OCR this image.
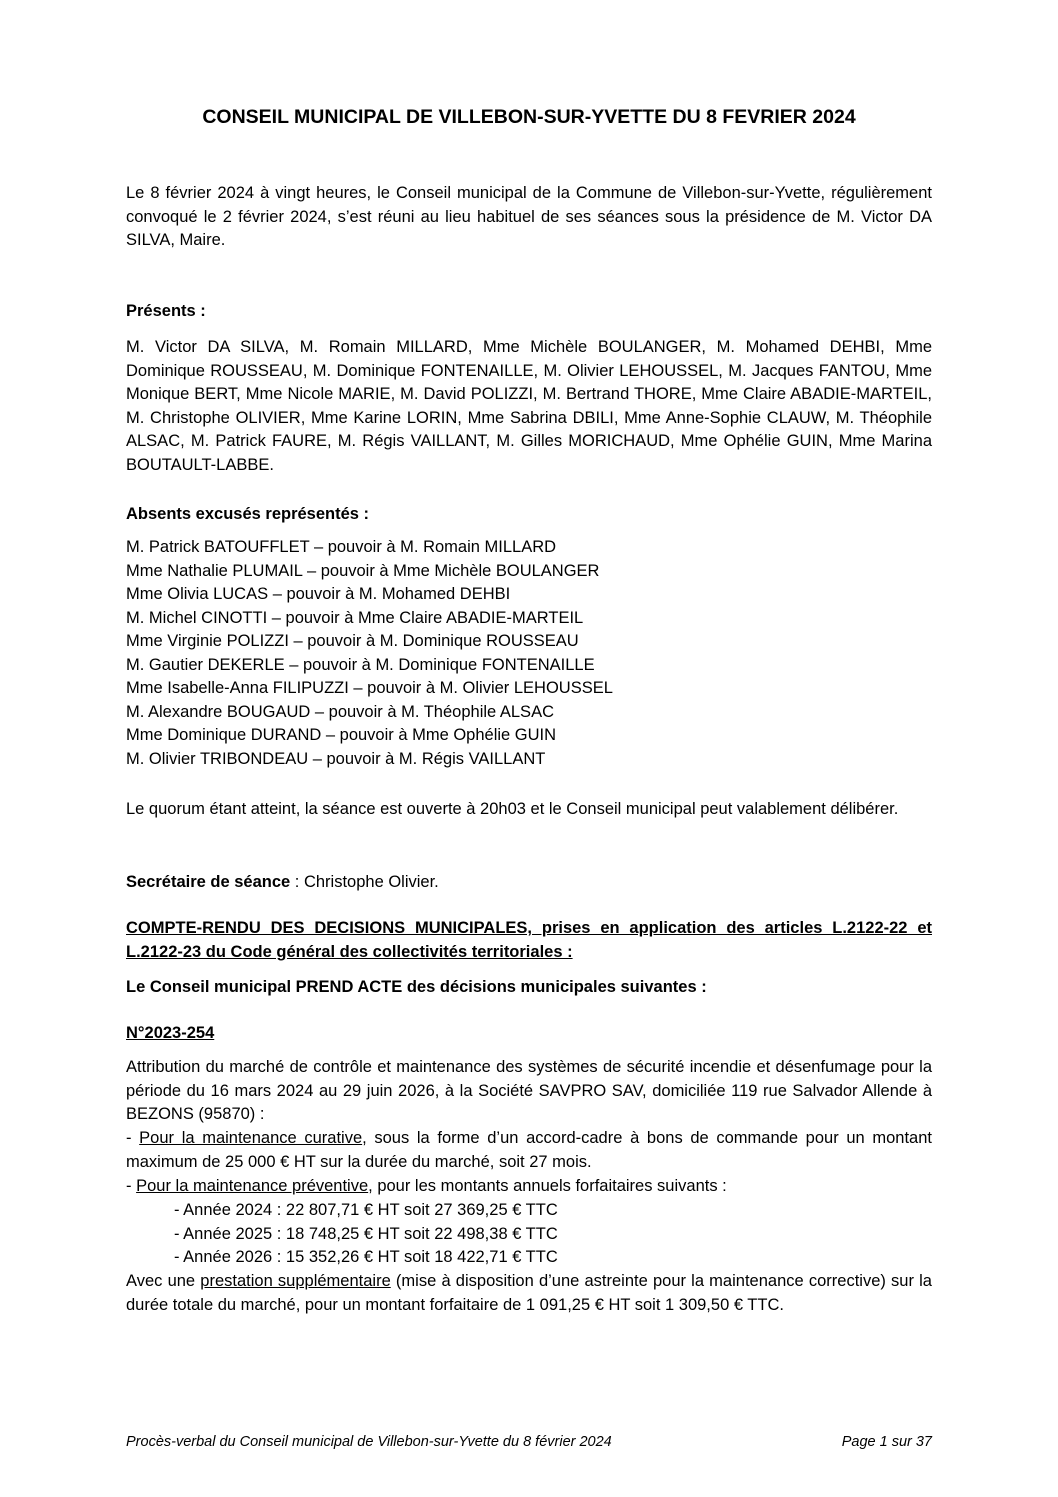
CONSEIL MUNICIPAL DE VILLEBON-SUR-YVETTE DU 8 FEVRIER 2024
Le 8 février 2024 à vingt heures, le Conseil municipal de la Commune de Villebon-sur-Yvette, régulièrement convoqué le 2 février 2024, s’est réuni au lieu habituel de ses séances sous la présidence de M. Victor DA SILVA, Maire.
Présents :
M. Victor DA SILVA, M. Romain MILLARD, Mme Michèle BOULANGER, M. Mohamed DEHBI, Mme Dominique ROUSSEAU, M. Dominique FONTENAILLE, M. Olivier LEHOUSSEL, M. Jacques FANTOU, Mme Monique BERT, Mme Nicole MARIE, M. David POLIZZI, M. Bertrand THORE, Mme Claire ABADIE-MARTEIL, M. Christophe OLIVIER, Mme Karine LORIN, Mme Sabrina DBILI, Mme Anne-Sophie CLAUW, M. Théophile ALSAC, M. Patrick FAURE, M. Régis VAILLANT, M. Gilles MORICHAUD, Mme Ophélie GUIN, Mme Marina BOUTAULT-LABBE.
Absents excusés représentés :
M. Patrick BATOUFFLET – pouvoir à M. Romain MILLARD
Mme Nathalie PLUMAIL – pouvoir à Mme Michèle BOULANGER
Mme Olivia LUCAS – pouvoir à M. Mohamed DEHBI
M. Michel CINOTTI – pouvoir à Mme Claire ABADIE-MARTEIL
Mme Virginie POLIZZI – pouvoir à M. Dominique ROUSSEAU
M. Gautier DEKERLE – pouvoir à M. Dominique FONTENAILLE
Mme Isabelle-Anna FILIPUZZI – pouvoir à M. Olivier LEHOUSSEL
M. Alexandre BOUGAUD – pouvoir à M. Théophile ALSAC
Mme Dominique DURAND – pouvoir à Mme Ophélie GUIN
M. Olivier TRIBONDEAU – pouvoir à M. Régis VAILLANT
Le quorum étant atteint, la séance est ouverte à 20h03 et le Conseil municipal peut valablement délibérer.
Secrétaire de séance : Christophe Olivier.
COMPTE-RENDU DES DECISIONS MUNICIPALES, prises en application des articles L.2122-22 et L.2122-23 du Code général des collectivités territoriales :
Le Conseil municipal PREND ACTE des décisions municipales suivantes :
N°2023-254
Attribution du marché de contrôle et maintenance des systèmes de sécurité incendie et désenfumage pour la période du 16 mars 2024 au 29 juin 2026, à la Société SAVPRO SAV, domiciliée 119 rue Salvador Allende à BEZONS (95870) :
- Pour la maintenance curative, sous la forme d’un accord-cadre à bons de commande pour un montant maximum de 25 000 € HT sur la durée du marché, soit 27 mois.
- Pour la maintenance préventive, pour les montants annuels forfaitaires suivants :
- Année 2024 : 22 807,71 € HT soit 27 369,25 € TTC
- Année 2025 : 18 748,25 € HT soit 22 498,38 € TTC
- Année 2026 : 15 352,26 € HT soit 18 422,71 € TTC
Avec une prestation supplémentaire (mise à disposition d’une astreinte pour la maintenance corrective) sur la durée totale du marché, pour un montant forfaitaire de 1 091,25 € HT soit 1 309,50 € TTC.
Procès-verbal du Conseil municipal de Villebon-sur-Yvette du 8 février 2024	Page 1 sur 37
